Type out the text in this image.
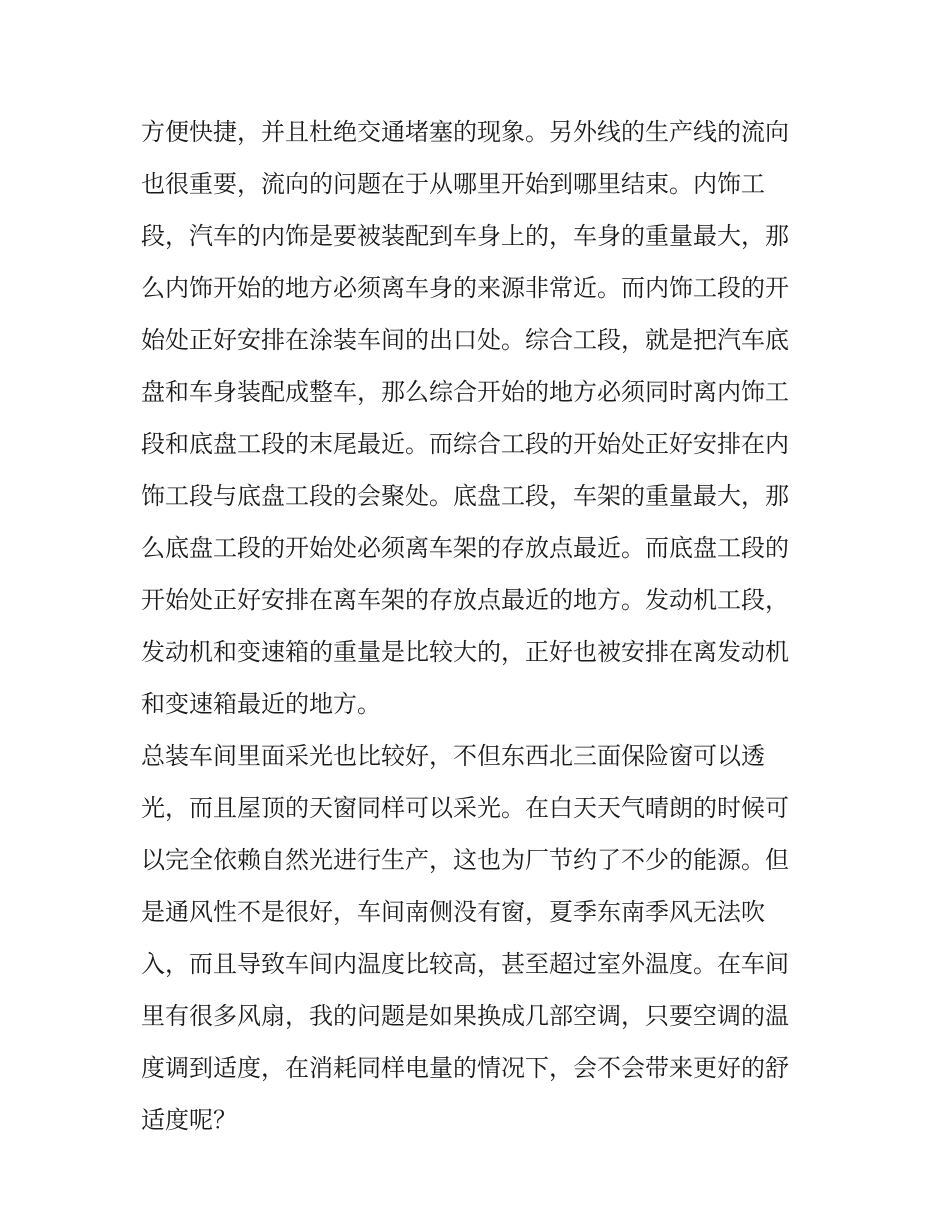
方便快捷，并且杜绝交通堵塞的现象。另外线的生产线的流向
也很重要，流向的问题在于从哪里开始到哪里结束。内饰工
段，汽车的内饰是要被装配到车身上的，车身的重量最大，那
么内饰开始的地方必须离车身的来源非常近。而内饰工段的开
始处正好安排在涂装车间的出口处。综合工段，就是把汽车底
盘和车身装配成整车，那么综合开始的地方必须同时离内饰工
段和底盘工段的末尾最近。而综合工段的开始处正好安排在内
饰工段与底盘工段的会聚处。底盘工段，车架的重量最大，那
么底盘工段的开始处必须离车架的存放点最近。而底盘工段的
开始处正好安排在离车架的存放点最近的地方。发动机工段，
发动机和变速箱的重量是比较大的，正好也被安排在离发动机
和变速箱最近的地方。
总装车间里面采光也比较好，不但东西北三面保险窗可以透
光，而且屋顶的天窗同样可以采光。在白天天气晴朗的时候可
以完全依赖自然光进行生产，这也为厂节约了不少的能源。但
是通风性不是很好，车间南侧没有窗，夏季东南季风无法吹
入，而且导致车间内温度比较高，甚至超过室外温度。在车间
里有很多风扇，我的问题是如果换成几部空调，只要空调的温
度调到适度，在消耗同样电量的情况下，会不会带来更好的舒
适度呢？
